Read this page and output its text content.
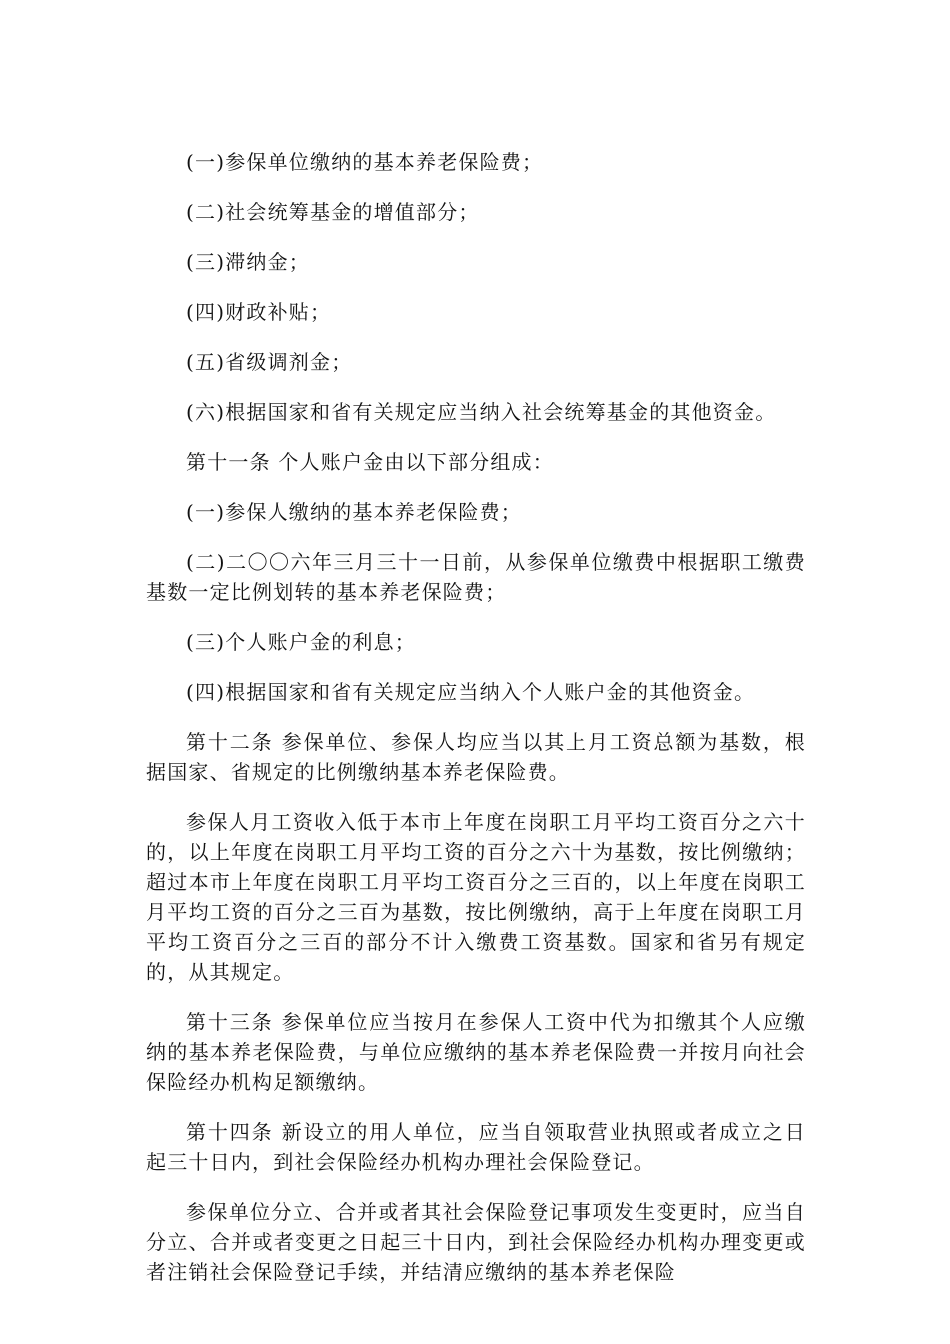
(一)参保单位缴纳的基本养老保险费；

(二)社会统筹基金的增值部分；

(三)滞纳金；

(四)财政补贴；

(五)省级调剂金；

(六)根据国家和省有关规定应当纳入社会统筹基金的其他资金。

第十一条 个人账户金由以下部分组成：

(一)参保人缴纳的基本养老保险费；

(二)二〇〇六年三月三十一日前，从参保单位缴费中根据职工缴费基数一定比例划转的基本养老保险费；

(三)个人账户金的利息；

(四)根据国家和省有关规定应当纳入个人账户金的其他资金。

第十二条 参保单位、参保人均应当以其上月工资总额为基数，根据国家、省规定的比例缴纳基本养老保险费。

参保人月工资收入低于本市上年度在岗职工月平均工资百分之六十的，以上年度在岗职工月平均工资的百分之六十为基数，按比例缴纳；超过本市上年度在岗职工月平均工资百分之三百的，以上年度在岗职工月平均工资的百分之三百为基数，按比例缴纳，高于上年度在岗职工月平均工资百分之三百的部分不计入缴费工资基数。国家和省另有规定的，从其规定。

第十三条 参保单位应当按月在参保人工资中代为扣缴其个人应缴纳的基本养老保险费，与单位应缴纳的基本养老保险费一并按月向社会保险经办机构足额缴纳。

第十四条 新设立的用人单位，应当自领取营业执照或者成立之日起三十日内，到社会保险经办机构办理社会保险登记。

参保单位分立、合并或者其社会保险登记事项发生变更时，应当自分立、合并或者变更之日起三十日内，到社会保险经办机构办理变更或者注销社会保险登记手续，并结清应缴纳的基本养老保险
